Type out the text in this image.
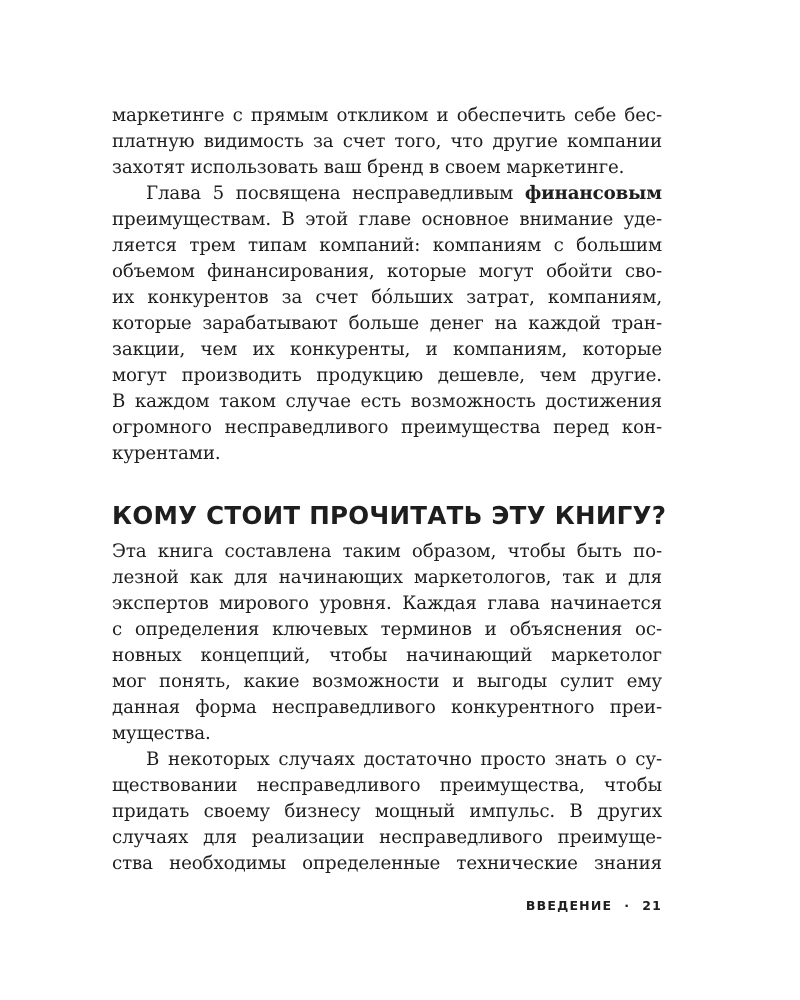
маркетинге с прямым откликом и обеспечить себе бес-
платную видимость за счет того, что другие компании
захотят использовать ваш бренд в своем маркетинге.
Глава 5 посвящена несправедливым финансовым
преимуществам. В этой главе основное внимание уде-
ляется трем типам компаний: компаниям с большим
объемом финансирования, которые могут обойти сво-
их конкурентов за счет бóльших затрат, компаниям,
которые зарабатывают больше денег на каждой тран-
закции, чем их конкуренты, и компаниям, которые
могут производить продукцию дешевле, чем другие.
В каждом таком случае есть возможность достижения
огромного несправедливого преимущества перед кон-
курентами.
КОМУ СТОИТ ПРОЧИТАТЬ ЭТУ КНИГУ?
Эта книга составлена таким образом, чтобы быть по-
лезной как для начинающих маркетологов, так и для
экспертов мирового уровня. Каждая глава начинается
с определения ключевых терминов и объяснения ос-
новных концепций, чтобы начинающий маркетолог
мог понять, какие возможности и выгоды сулит ему
данная форма несправедливого конкурентного преи-
мущества.
В некоторых случаях достаточно просто знать о су-
ществовании несправедливого преимущества, чтобы
придать своему бизнесу мощный импульс. В других
случаях для реализации несправедливого преимуще-
ства необходимы определенные технические знания
ВВЕДЕНИЕ · 21
